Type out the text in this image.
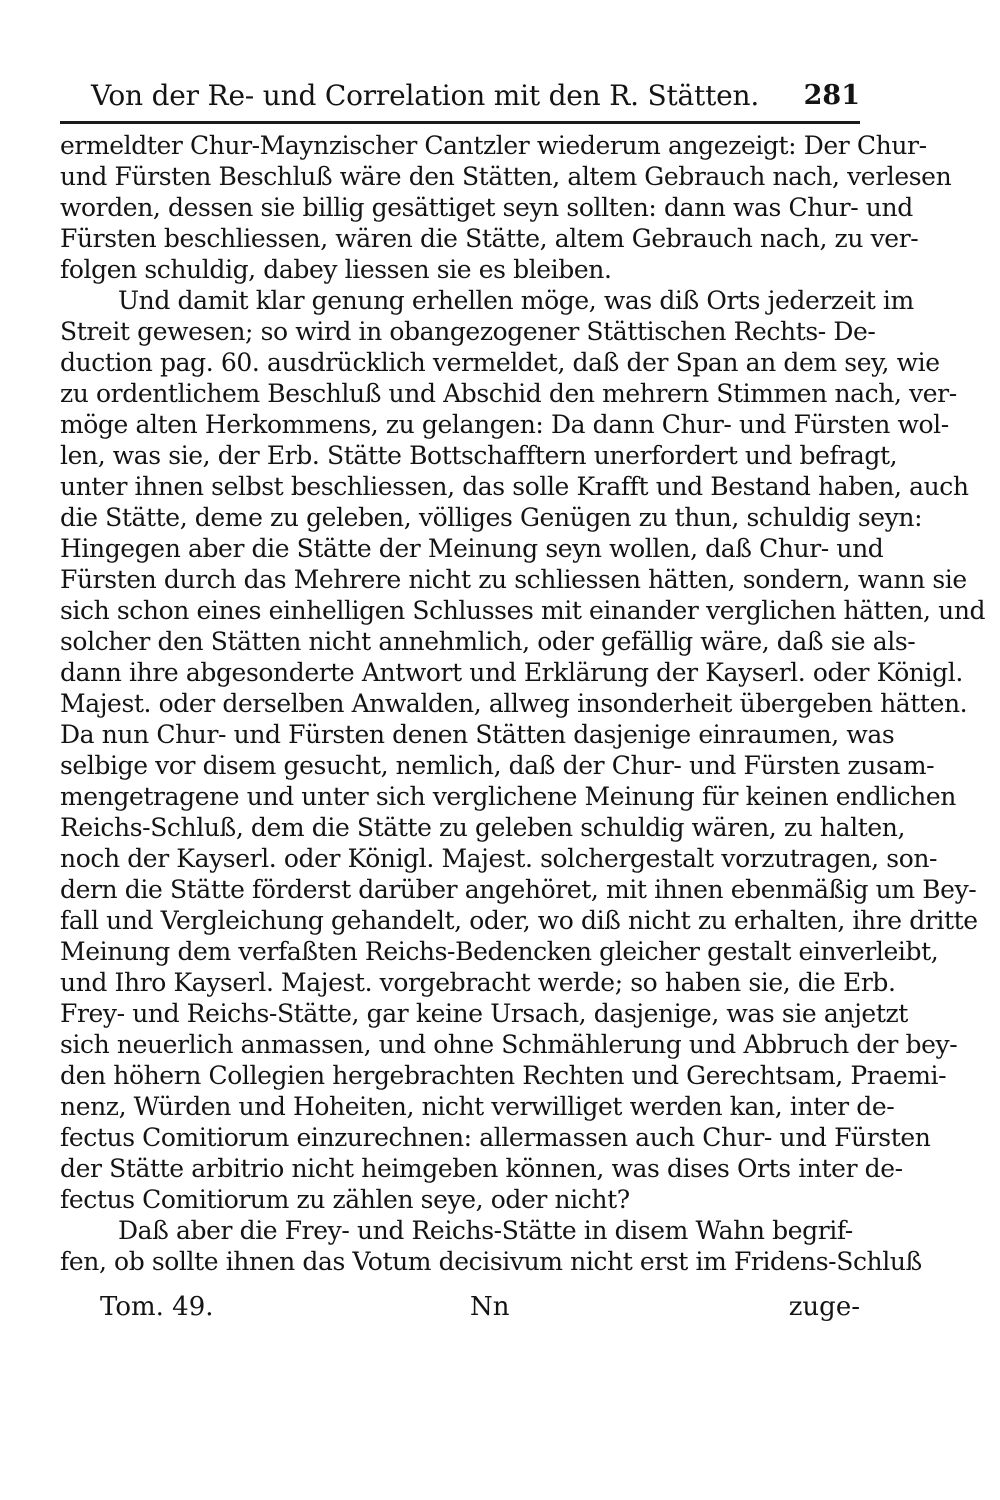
Von der Re- und Correlation mit den R. Stätten.	281
ermeldter Chur-Maynzischer Cantzler wiederum angezeigt: Der Chur-
und Fürsten Beschluß wäre den Stätten, altem Gebrauch nach, verlesen
worden, dessen sie billig gesättiget seyn sollten: dann was Chur- und
Fürsten beschliessen, wären die Stätte, altem Gebrauch nach, zu ver-
folgen schuldig, dabey liessen sie es bleiben.
Und damit klar genung erhellen möge, was diß Orts jederzeit im
Streit gewesen; so wird in obangezogener Stättischen Rechts- De-
duction pag. 60. ausdrücklich vermeldet, daß der Span an dem sey, wie
zu ordentlichem Beschluß und Abschid den mehrern Stimmen nach, ver-
möge alten Herkommens, zu gelangen: Da dann Chur- und Fürsten wol-
len, was sie, der Erb. Stätte Bottschafftern unerfordert und befragt,
unter ihnen selbst beschliessen, das solle Krafft und Bestand haben, auch
die Stätte, deme zu geleben, völliges Genügen zu thun, schuldig seyn:
Hingegen aber die Stätte der Meinung seyn wollen, daß Chur- und
Fürsten durch das Mehrere nicht zu schliessen hätten, sondern, wann sie
sich schon eines einhelligen Schlusses mit einander verglichen hätten, und
solcher den Stätten nicht annehmlich, oder gefällig wäre, daß sie als-
dann ihre abgesonderte Antwort und Erklärung der Kayserl. oder Königl.
Majest. oder derselben Anwalden, allweg insonderheit übergeben hätten.
Da nun Chur- und Fürsten denen Stätten dasjenige einraumen, was
selbige vor disem gesucht, nemlich, daß der Chur- und Fürsten zusam-
mengetragene und unter sich verglichene Meinung für keinen endlichen
Reichs-Schluß, dem die Stätte zu geleben schuldig wären, zu halten,
noch der Kayserl. oder Königl. Majest. solchergestalt vorzutragen, son-
dern die Stätte förderst darüber angehöret, mit ihnen ebenmäßig um Bey-
fall und Vergleichung gehandelt, oder, wo diß nicht zu erhalten, ihre dritte
Meinung dem verfaßten Reichs-Bedencken gleicher gestalt einverleibt,
und Ihro Kayserl. Majest. vorgebracht werde; so haben sie, die Erb.
Frey- und Reichs-Stätte, gar keine Ursach, dasjenige, was sie anjetzt
sich neuerlich anmassen, und ohne Schmählerung und Abbruch der bey-
den höhern Collegien hergebrachten Rechten und Gerechtsam, Praemi-
nenz, Würden und Hoheiten, nicht verwilliget werden kan, inter de-
fectus Comitiorum einzurechnen: allermassen auch Chur- und Fürsten
der Stätte arbitrio nicht heimgeben können, was dises Orts inter de-
fectus Comitiorum zu zählen seye, oder nicht?
Daß aber die Frey- und Reichs-Stätte in disem Wahn begrif-
fen, ob sollte ihnen das Votum decisivum nicht erst im Fridens-Schluß
Tom. 49.	Nn	zuge-
